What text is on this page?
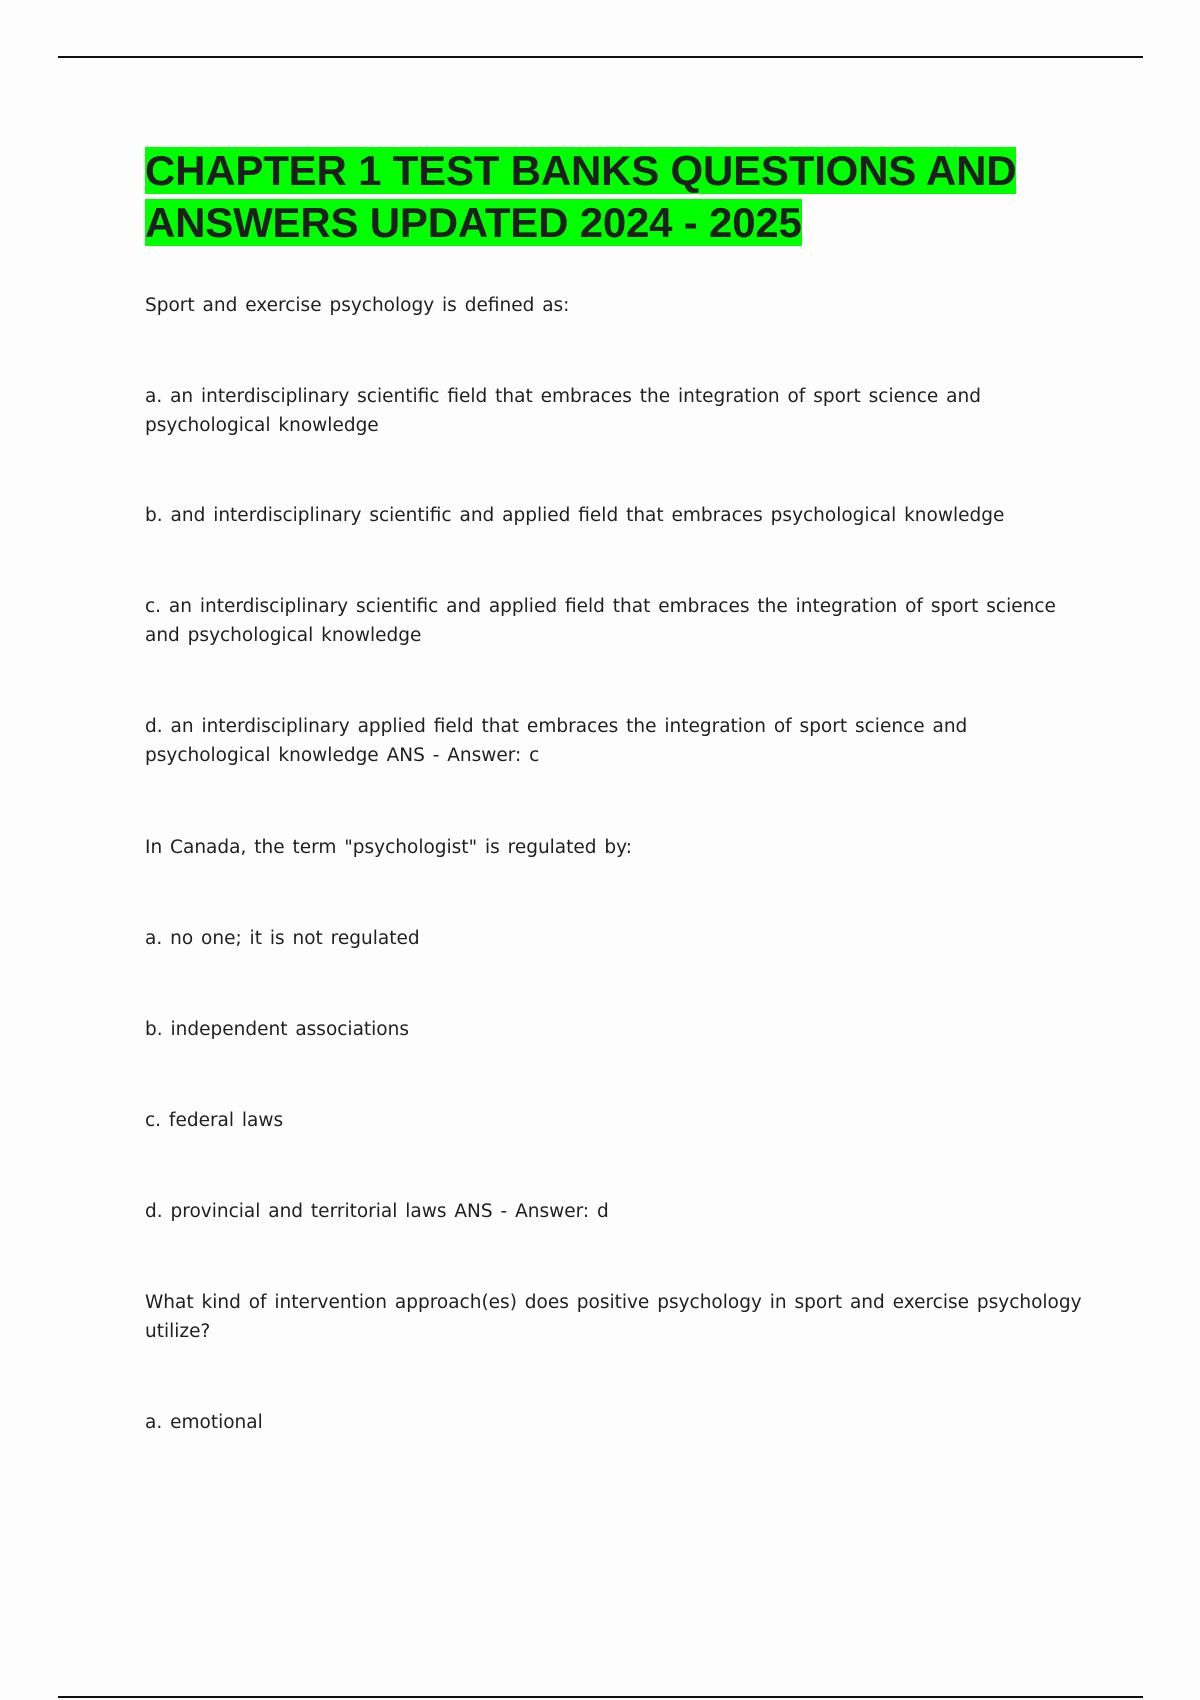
CHAPTER 1 TEST BANKS QUESTIONS AND
ANSWERS UPDATED 2024 - 2025

Sport and exercise psychology is defined as:

a. an interdisciplinary scientific field that embraces the integration of sport science and psychological knowledge

b. and interdisciplinary scientific and applied field that embraces psychological knowledge

c. an interdisciplinary scientific and applied field that embraces the integration of sport science and psychological knowledge

d. an interdisciplinary applied field that embraces the integration of sport science and psychological knowledge ANS - Answer: c

In Canada, the term "psychologist" is regulated by:

a. no one; it is not regulated

b. independent associations

c. federal laws

d. provincial and territorial laws ANS - Answer: d

What kind of intervention approach(es) does positive psychology in sport and exercise psychology utilize?

a. emotional
